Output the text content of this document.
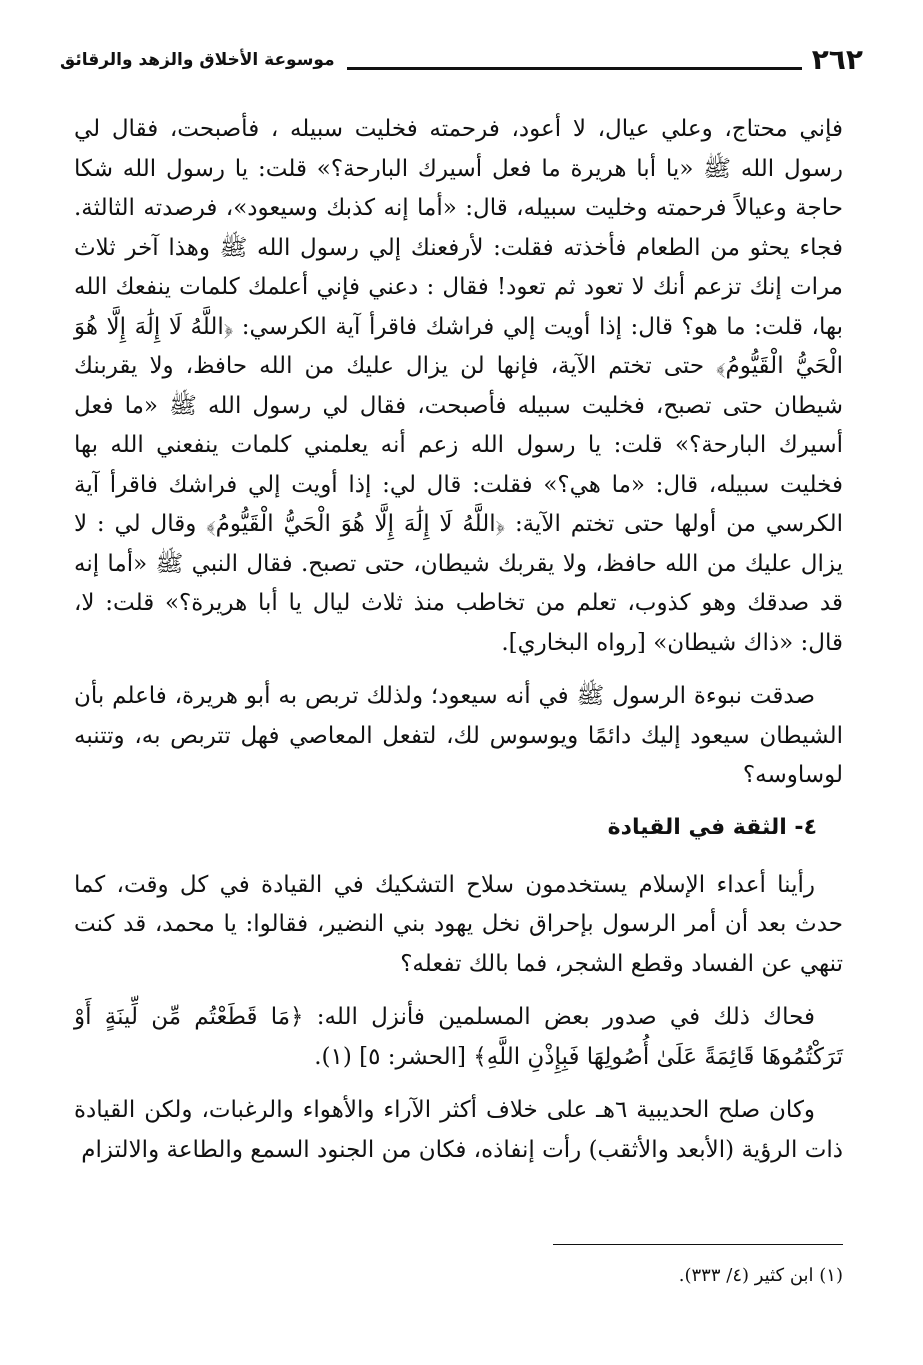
٢٦٢
موسوعة الأخلاق والزهد والرقائق

فإني محتاج، وعلي عيال، لا أعود، فرحمته فخليت سبيله ، فأصبحت، فقال لي رسول الله ﷺ «يا أبا هريرة ما فعل أسيرك البارحة؟» قلت: يا رسول الله شكا حاجة وعيالاً فرحمته وخليت سبيله، قال: «أما إنه كذبك وسيعود»، فرصدته الثالثة. فجاء يحثو من الطعام فأخذته فقلت: لأرفعنك إلي رسول الله ﷺ وهذا آخر ثلاث مرات إنك تزعم أنك لا تعود ثم تعود! فقال : دعني فإني أعلمك كلمات ينفعك الله بها، قلت: ما هو؟ قال: إذا أويت إلي فراشك فاقرأ آية الكرسي: ﴿اللَّهُ لَا إِلَٰهَ إِلَّا هُوَ الْحَيُّ الْقَيُّومُ﴾ حتى تختم الآية، فإنها لن يزال عليك من الله حافظ، ولا يقربنك شيطان حتى تصبح، فخليت سبيله فأصبحت، فقال لي رسول الله ﷺ «ما فعل أسيرك البارحة؟» قلت: يا رسول الله زعم أنه يعلمني كلمات ينفعني الله بها فخليت سبيله، قال: «ما هي؟» فقلت: قال لي: إذا أويت إلي فراشك فاقرأ آية الكرسي من أولها حتى تختم الآية: ﴿اللَّهُ لَا إِلَٰهَ إِلَّا هُوَ الْحَيُّ الْقَيُّومُ﴾ وقال لي : لا يزال عليك من الله حافظ، ولا يقربك شيطان، حتى تصبح. فقال النبي ﷺ «أما إنه قد صدقك وهو كذوب، تعلم من تخاطب منذ ثلاث ليال يا أبا هريرة؟» قلت: لا، قال: «ذاك شيطان» [رواه البخاري].

صدقت نبوءة الرسول ﷺ في أنه سيعود؛ ولذلك تربص به أبو هريرة، فاعلم بأن الشيطان سيعود إليك دائمًا ويوسوس لك، لتفعل المعاصي فهل تتربص به، وتتنبه لوساوسه؟

٤- الثقة في القيادة

رأينا أعداء الإسلام يستخدمون سلاح التشكيك في القيادة في كل وقت، كما حدث بعد أن أمر الرسول بإحراق نخل يهود بني النضير، فقالوا: يا محمد، قد كنت تنهي عن الفساد وقطع الشجر، فما بالك تفعله؟

فحاك ذلك في صدور بعض المسلمين فأنزل الله: ﴿مَا قَطَعْتُم مِّن لِّينَةٍ أَوْ تَرَكْتُمُوهَا قَائِمَةً عَلَىٰ أُصُولِهَا فَبِإِذْنِ اللَّهِ﴾ [الحشر: ٥] (١).

وكان صلح الحديبية ٦هـ على خلاف أكثر الآراء والأهواء والرغبات، ولكن القيادة ذات الرؤية (الأبعد والأثقب) رأت إنفاذه، فكان من الجنود السمع والطاعة والالتزام

(١) ابن كثير (٤/ ٣٣٣).
